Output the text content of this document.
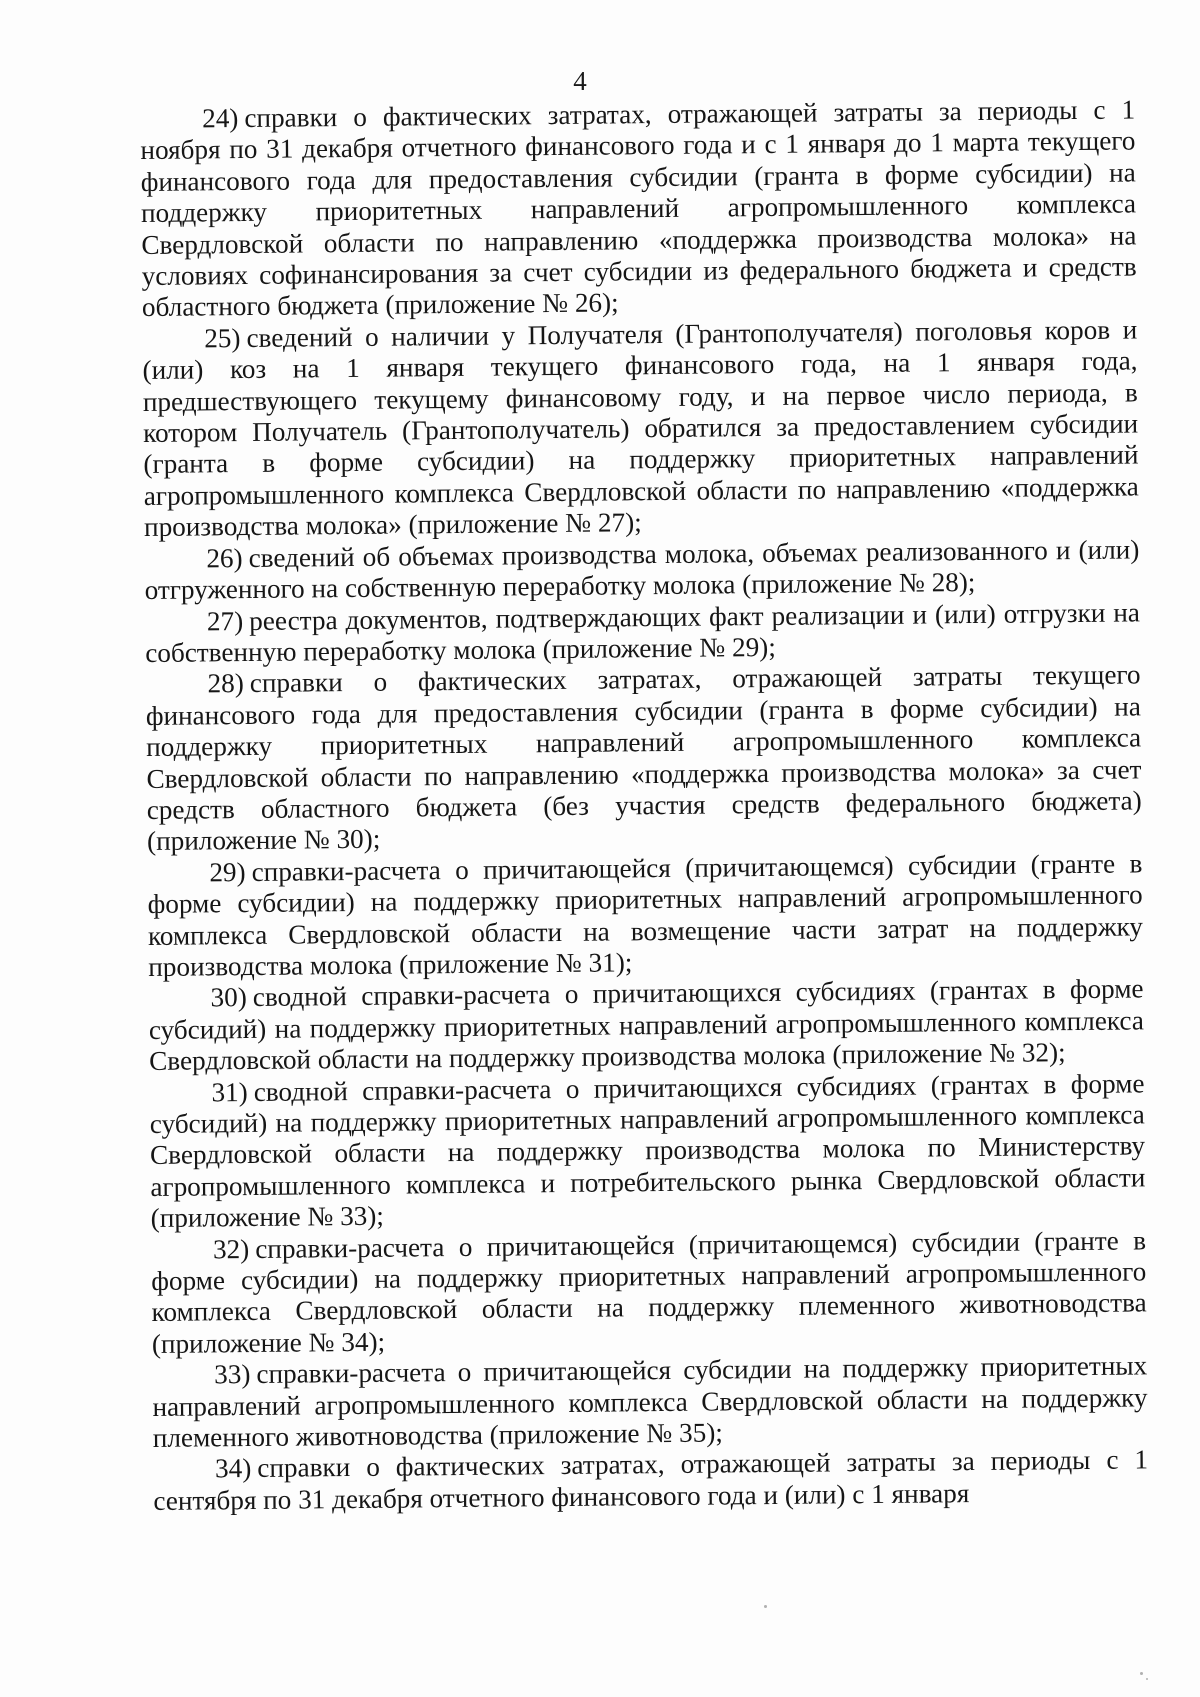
4

24) справки о фактических затратах, отражающей затраты за периоды с 1 ноября по 31 декабря отчетного финансового года и с 1 января до 1 марта текущего финансового года для предоставления субсидии (гранта в форме субсидии) на поддержку приоритетных направлений агропромышленного комплекса Свердловской области по направлению «поддержка производства молока» на условиях софинансирования за счет субсидии из федерального бюджета и средств областного бюджета (приложение № 26);

25) сведений о наличии у Получателя (Грантополучателя) поголовья коров и (или) коз на 1 января текущего финансового года, на 1 января года, предшествующего текущему финансовому году, и на первое число периода, в котором Получатель (Грантополучатель) обратился за предоставлением субсидии (гранта в форме субсидии) на поддержку приоритетных направлений агропромышленного комплекса Свердловской области по направлению «поддержка производства молока» (приложение № 27);

26) сведений об объемах производства молока, объемах реализованного и (или) отгруженного на собственную переработку молока (приложение № 28);

27) реестра документов, подтверждающих факт реализации и (или) отгрузки на собственную переработку молока (приложение № 29);

28) справки о фактических затратах, отражающей затраты текущего финансового года для предоставления субсидии (гранта в форме субсидии) на поддержку приоритетных направлений агропромышленного комплекса Свердловской области по направлению «поддержка производства молока» за счет средств областного бюджета (без участия средств федерального бюджета) (приложение № 30);

29) справки-расчета о причитающейся (причитающемся) субсидии (гранте в форме субсидии) на поддержку приоритетных направлений агропромышленного комплекса Свердловской области на возмещение части затрат на поддержку производства молока (приложение № 31);

30) сводной справки-расчета о причитающихся субсидиях (грантах в форме субсидий) на поддержку приоритетных направлений агропромышленного комплекса Свердловской области на поддержку производства молока (приложение № 32);

31) сводной справки-расчета о причитающихся субсидиях (грантах в форме субсидий) на поддержку приоритетных направлений агропромышленного комплекса Свердловской области на поддержку производства молока по Министерству агропромышленного комплекса и потребительского рынка Свердловской области (приложение № 33);

32) справки-расчета о причитающейся (причитающемся) субсидии (гранте в форме субсидии) на поддержку приоритетных направлений агропромышленного комплекса Свердловской области на поддержку племенного животноводства (приложение № 34);

33) справки-расчета о причитающейся субсидии на поддержку приоритетных направлений агропромышленного комплекса Свердловской области на поддержку племенного животноводства (приложение № 35);

34) справки о фактических затратах, отражающей затраты за периоды с 1 сентября по 31 декабря отчетного финансового года и (или) с 1 января
